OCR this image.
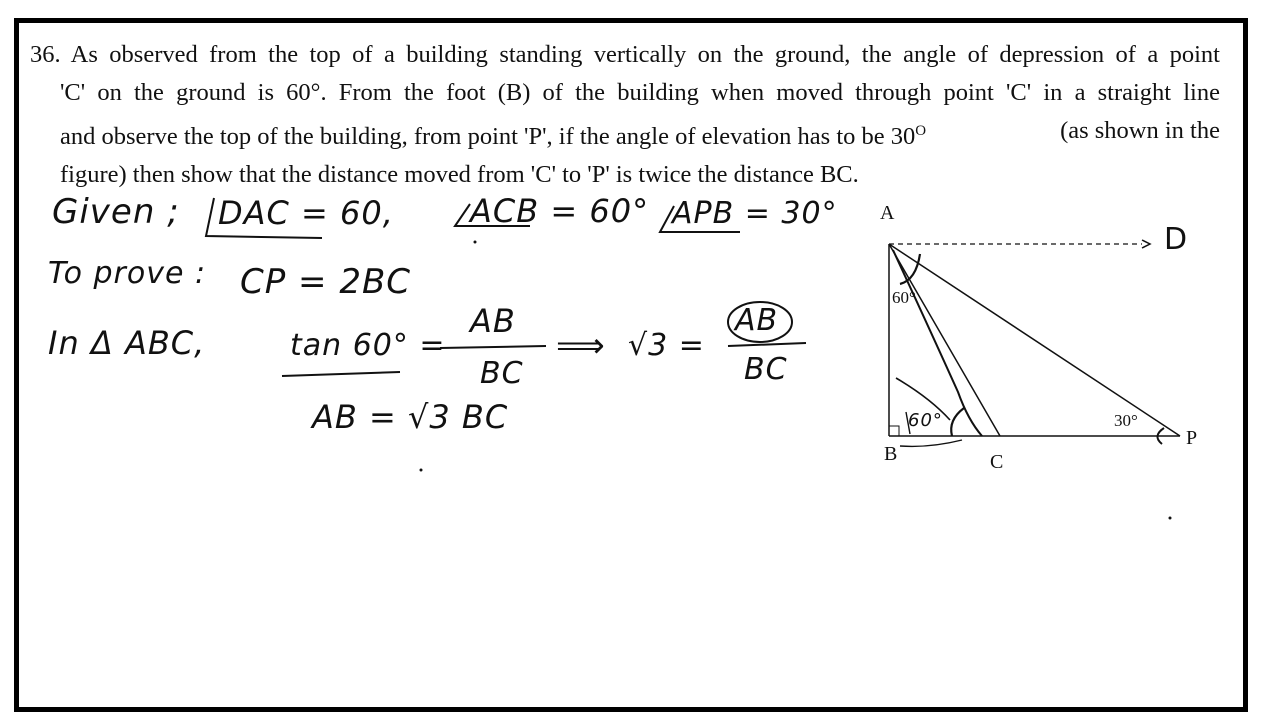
36. As observed from the top of a building standing vertically on the ground, the angle of depression of a point
'C' on the ground is 60°. From the foot (B) of the building when moved through point 'C' in a straight line
and observe the top of the building, from point 'P', if the angle of elevation has to be $30^O$	(as shown in the
figure) then show that the distance moved from 'C' to 'P' is twice the distance BC.
Given ; DAC = 60, ACB = 60° APB = 30°
To prove : CP = 2BC
In Δ ABC,	tan 60° =
AB
BC
⟹ √3 =
AB
BC
AB = √3 BC
A
B	C
P
D
60°
60°	30°
